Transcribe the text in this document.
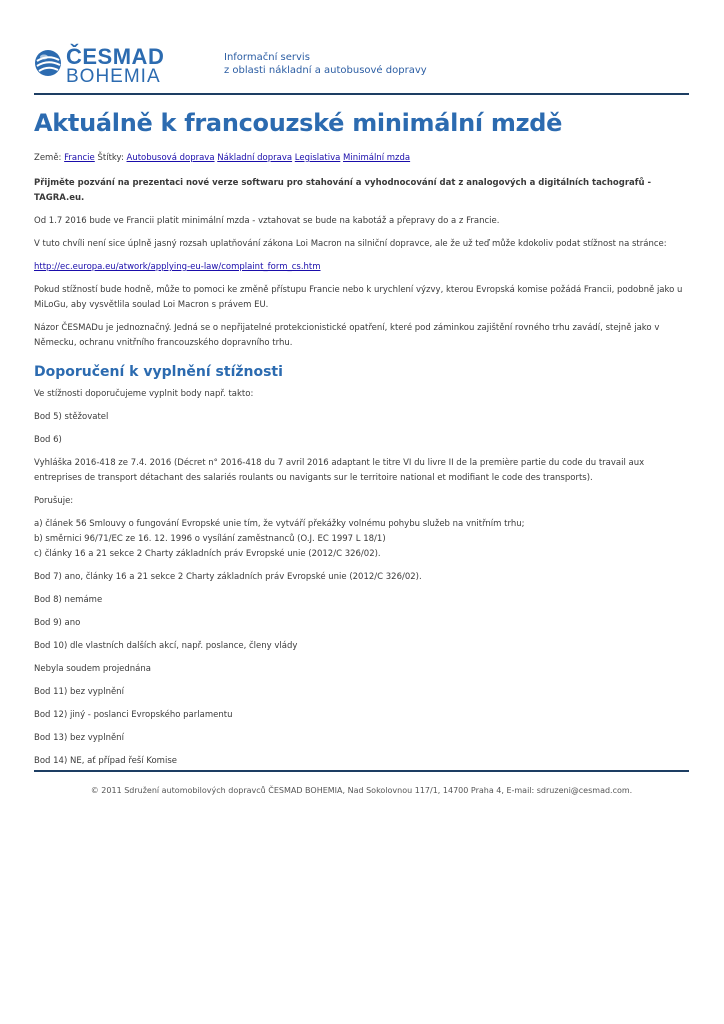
ČESMAD
BOHEMIA
Informační servis
z oblasti nákladní a autobusové dopravy
Aktuálně k francouzské minimální mzdě
Země: Francie Štítky: Autobusová doprava Nákladní doprava Legislativa Minimální mzda

Přijměte pozvání na prezentaci nové verze softwaru pro stahování a vyhodnocování dat z analogových a digitálních tachografů - TAGRA.eu.

Od 1.7 2016 bude ve Francii platit minimální mzda - vztahovat se bude na kabotáž a přepravy do a z Francie.

V tuto chvíli není sice úplně jasný rozsah uplatňování zákona Loi Macron na silniční dopravce, ale že už teď může kdokoliv podat stížnost na stránce:

http://ec.europa.eu/atwork/applying-eu-law/complaint_form_cs.htm

Pokud stížností bude hodně, může to pomoci ke změně přístupu Francie nebo k urychlení výzvy, kterou Evropská komise požádá Francii, podobně jako u MiLoGu, aby vysvětlila soulad Loi Macron s právem EU.

Názor ČESMADu je jednoznačný. Jedná se o nepřijatelné protekcionistické opatření, které pod záminkou zajištění rovného trhu zavádí, stejně jako v Německu, ochranu vnitřního francouzského dopravního trhu.

Doporučení k vyplnění stížnosti

Ve stížnosti doporučujeme vyplnit body např. takto:

Bod 5) stěžovatel

Bod 6)

Vyhláška 2016-418 ze 7.4. 2016 (Décret n° 2016-418 du 7 avril 2016 adaptant le titre VI du livre II de la première partie du code du travail aux entreprises de transport détachant des salariés roulants ou navigants sur le territoire national et modifiant le code des transports).

Porušuje:

a) článek 56 Smlouvy o fungování Evropské unie tím, že vytváří překážky volnému pohybu služeb na vnitřním trhu;

b) směrnici 96/71/EC ze 16. 12. 1996 o vysílání zaměstnanců (O.J. EC 1997 L 18/1)

c) články 16 a 21 sekce 2 Charty základních práv Evropské unie (2012/C 326/02).

Bod 7) ano, články 16 a 21 sekce 2 Charty základních práv Evropské unie (2012/C 326/02).

Bod 8) nemáme

Bod 9) ano

Bod 10) dle vlastních dalších akcí, např. poslance, členy vlády

Nebyla soudem projednána

Bod 11) bez vyplnění

Bod 12) jiný - poslanci Evropského parlamentu

Bod 13) bez vyplnění

Bod 14) NE, ať případ řeší Komise

© 2011 Sdružení automobilových dopravců ČESMAD BOHEMIA, Nad Sokolovnou 117/1, 14700 Praha 4, E-mail: sdruzeni@cesmad.com.
